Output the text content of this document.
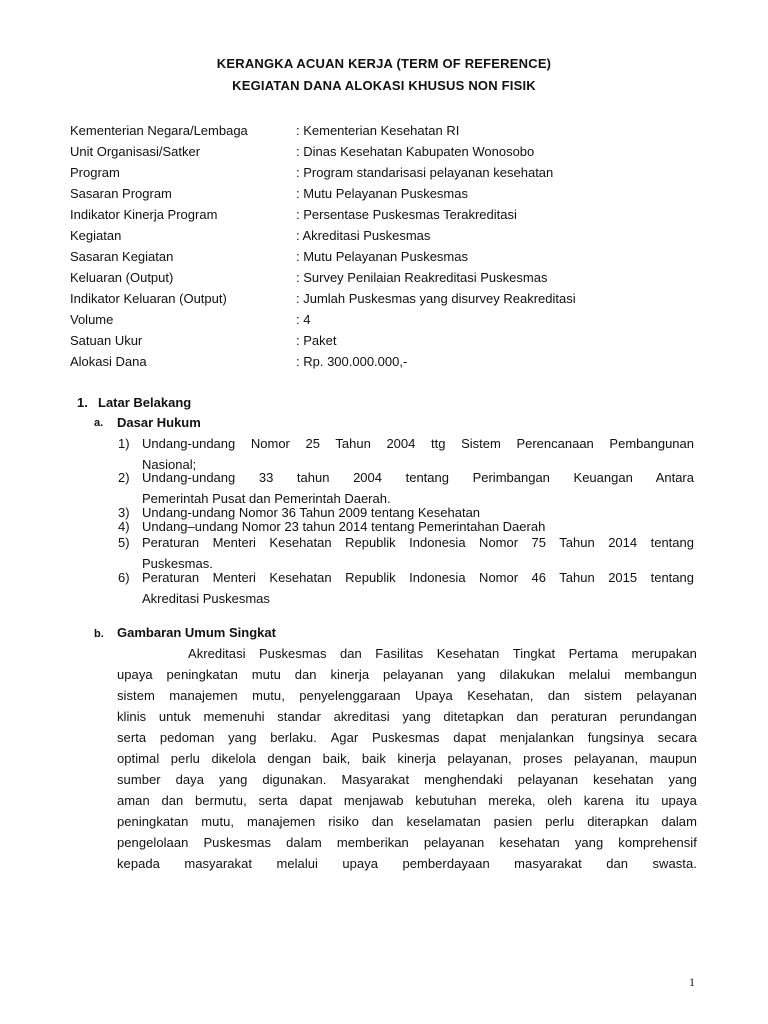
KERANGKA ACUAN KERJA (TERM OF REFERENCE)
KEGIATAN DANA ALOKASI KHUSUS NON FISIK
Kementerian Negara/Lembaga	: Kementerian Kesehatan RI
Unit Organisasi/Satker	: Dinas Kesehatan Kabupaten Wonosobo
Program	: Program standarisasi pelayanan kesehatan
Sasaran Program	: Mutu Pelayanan Puskesmas
Indikator Kinerja Program	: Persentase Puskesmas Terakreditasi
Kegiatan	: Akreditasi Puskesmas
Sasaran Kegiatan	: Mutu Pelayanan Puskesmas
Keluaran (Output)	: Survey Penilaian Reakreditasi Puskesmas
Indikator Keluaran (Output)	: Jumlah Puskesmas yang disurvey Reakreditasi
Volume	: 4
Satuan Ukur	: Paket
Alokasi Dana	: Rp. 300.000.000,-
1. Latar Belakang
a. Dasar Hukum
1) Undang-undang Nomor 25 Tahun 2004 ttg Sistem Perencanaan Pembangunan
Nasional;
2) Undang-undang 33 tahun 2004 tentang Perimbangan Keuangan Antara
Pemerintah Pusat dan Pemerintah Daerah.
3) Undang-undang Nomor 36 Tahun 2009 tentang Kesehatan
4) Undang–undang Nomor 23 tahun 2014 tentang Pemerintahan Daerah
5) Peraturan Menteri Kesehatan Republik Indonesia Nomor 75 Tahun 2014 tentang
Puskesmas.
6) Peraturan Menteri Kesehatan Republik Indonesia Nomor 46 Tahun 2015 tentang
Akreditasi Puskesmas
b. Gambaran Umum Singkat
Akreditasi Puskesmas dan Fasilitas Kesehatan Tingkat Pertama merupakan
upaya peningkatan mutu dan kinerja pelayanan yang dilakukan melalui membangun
sistem manajemen mutu, penyelenggaraan Upaya Kesehatan, dan sistem pelayanan
klinis untuk memenuhi standar akreditasi yang ditetapkan dan peraturan perundangan
serta pedoman yang berlaku. Agar Puskesmas dapat menjalankan fungsinya secara
optimal perlu dikelola dengan baik, baik kinerja pelayanan, proses pelayanan, maupun
sumber daya yang digunakan. Masyarakat menghendaki pelayanan kesehatan yang
aman dan bermutu, serta dapat menjawab kebutuhan mereka, oleh karena itu upaya
peningkatan mutu, manajemen risiko dan keselamatan pasien perlu diterapkan dalam
pengelolaan Puskesmas dalam memberikan pelayanan kesehatan yang komprehensif
kepada masyarakat melalui upaya pemberdayaan masyarakat dan swasta.
1
